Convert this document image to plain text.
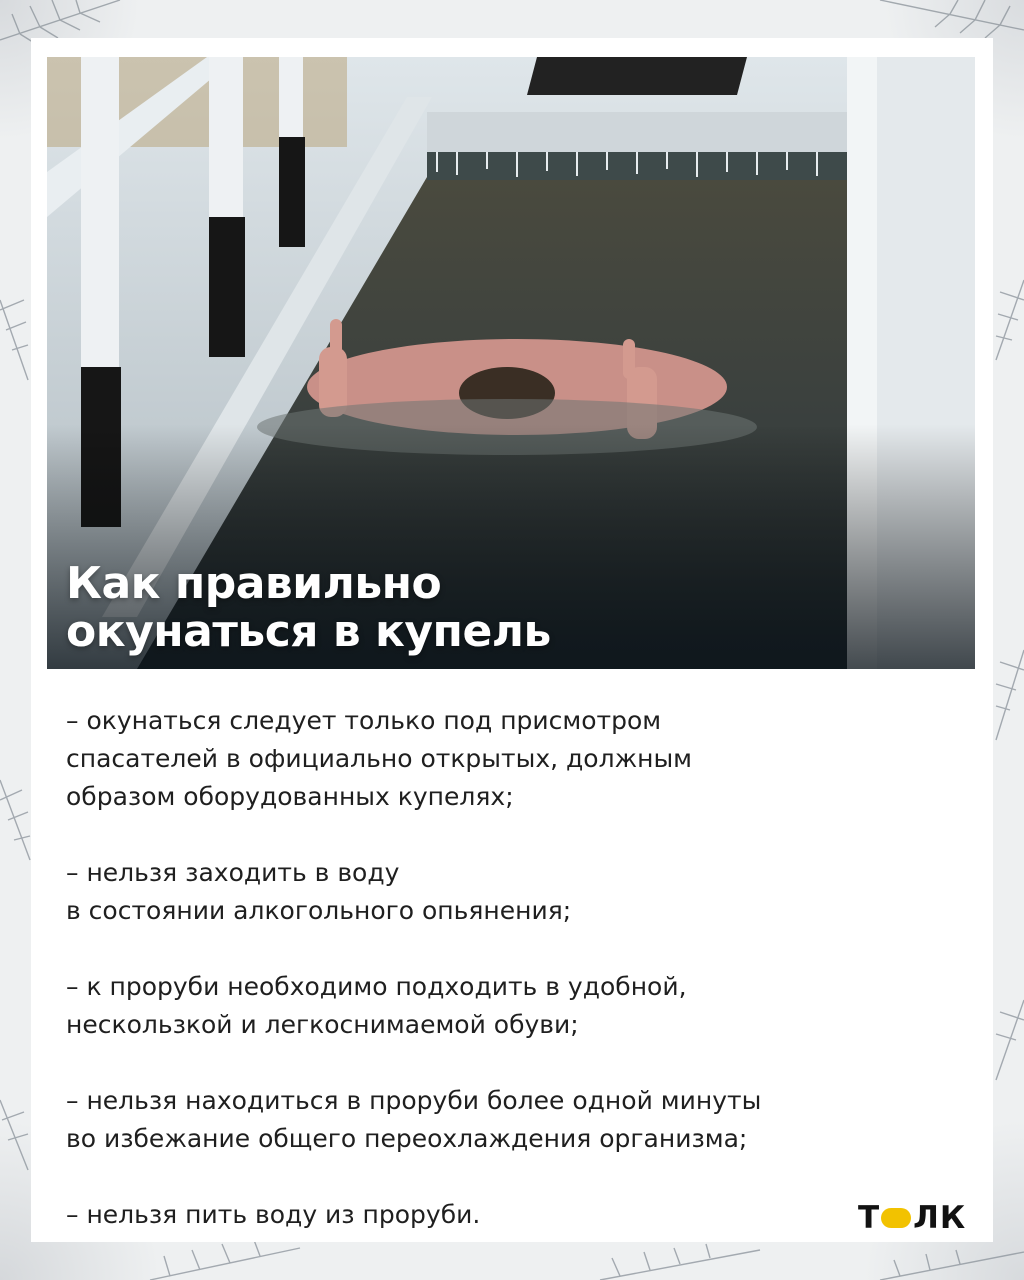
Как правильно
окунаться в купель

– окунаться следует только под присмотром
спасателей в официально открытых, должным
образом оборудованных купелях;

– нельзя заходить в воду
в состоянии алкогольного опьянения;

– к проруби необходимо подходить в удобной,
нескользкой и легкоснимаемой обуви;

– нельзя находиться в проруби более одной минуты
во избежание общего переохлаждения организма;

– нельзя пить воду из проруби.	Т ЛК
